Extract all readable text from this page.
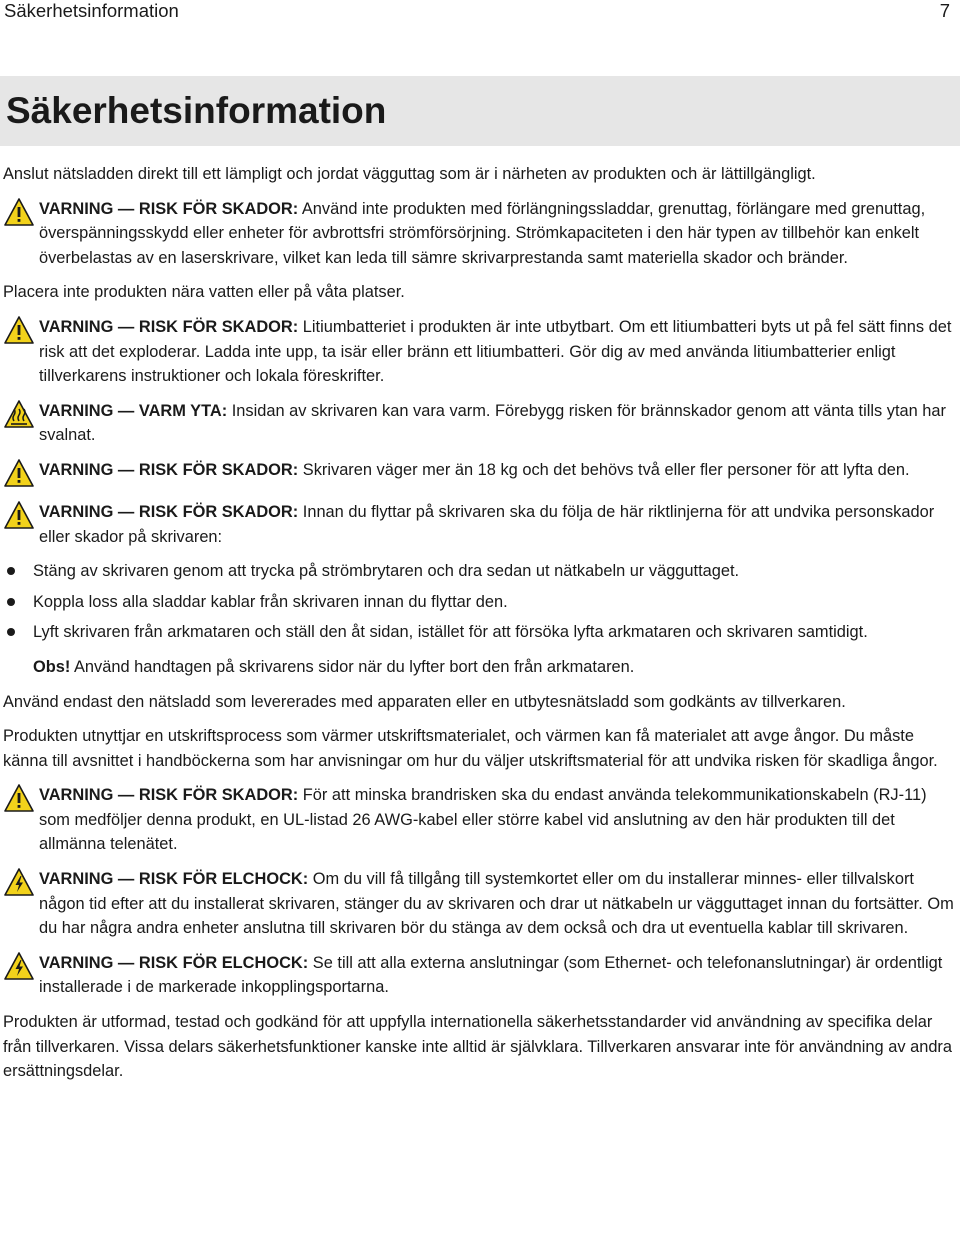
Säkerhetsinformation	7
Säkerhetsinformation

Anslut nätsladden direkt till ett lämpligt och jordat vägguttag som är i närheten av produkten och är lättillgängligt.

VARNING — RISK FÖR SKADOR: Använd inte produkten med förlängningssladdar, grenuttag, förlängare med grenuttag, överspänningsskydd eller enheter för avbrottsfri strömförsörjning. Strömkapaciteten i den här typen av tillbehör kan enkelt överbelastas av en laserskrivare, vilket kan leda till sämre skrivarprestanda samt materiella skador och bränder.

Placera inte produkten nära vatten eller på våta platser.

VARNING — RISK FÖR SKADOR: Litiumbatteriet i produkten är inte utbytbart. Om ett litiumbatteri byts ut på fel sätt finns det risk att det exploderar. Ladda inte upp, ta isär eller bränn ett litiumbatteri. Gör dig av med använda litiumbatterier enligt tillverkarens instruktioner och lokala föreskrifter.
VARNING — VARM YTA: Insidan av skrivaren kan vara varm. Förebygg risken för brännskador genom att vänta tills ytan har svalnat.
VARNING — RISK FÖR SKADOR: Skrivaren väger mer än 18 kg och det behövs två eller fler personer för att lyfta den.
VARNING — RISK FÖR SKADOR: Innan du flyttar på skrivaren ska du följa de här riktlinjerna för att undvika personskador eller skador på skrivaren:
Stäng av skrivaren genom att trycka på strömbrytaren och dra sedan ut nätkabeln ur vägguttaget.
Koppla loss alla sladdar kablar från skrivaren innan du flyttar den.
Lyft skrivaren från arkmataren och ställ den åt sidan, istället för att försöka lyfta arkmataren och skrivaren samtidigt.

Obs! Använd handtagen på skrivarens sidor när du lyfter bort den från arkmataren.

Använd endast den nätsladd som levererades med apparaten eller en utbytesnätsladd som godkänts av tillverkaren.

Produkten utnyttjar en utskriftsprocess som värmer utskriftsmaterialet, och värmen kan få materialet att avge ångor. Du måste känna till avsnittet i handböckerna som har anvisningar om hur du väljer utskriftsmaterial för att undvika risken för skadliga ångor.

VARNING — RISK FÖR SKADOR: För att minska brandrisken ska du endast använda telekommunikationskabeln (RJ-11) som medföljer denna produkt, en UL-listad 26 AWG-kabel eller större kabel vid anslutning av den här produkten till det allmänna telenätet.
VARNING — RISK FÖR ELCHOCK: Om du vill få tillgång till systemkortet eller om du installerar minnes- eller tillvalskort någon tid efter att du installerat skrivaren, stänger du av skrivaren och drar ut nätkabeln ur vägguttaget innan du fortsätter. Om du har några andra enheter anslutna till skrivaren bör du stänga av dem också och dra ut eventuella kablar till skrivaren.
VARNING — RISK FÖR ELCHOCK: Se till att alla externa anslutningar (som Ethernet- och telefonanslutningar) är ordentligt installerade i de markerade inkopplingsportarna.

Produkten är utformad, testad och godkänd för att uppfylla internationella säkerhetsstandarder vid användning av specifika delar från tillverkaren. Vissa delars säkerhetsfunktioner kanske inte alltid är självklara. Tillverkaren ansvarar inte för användning av andra ersättningsdelar.
